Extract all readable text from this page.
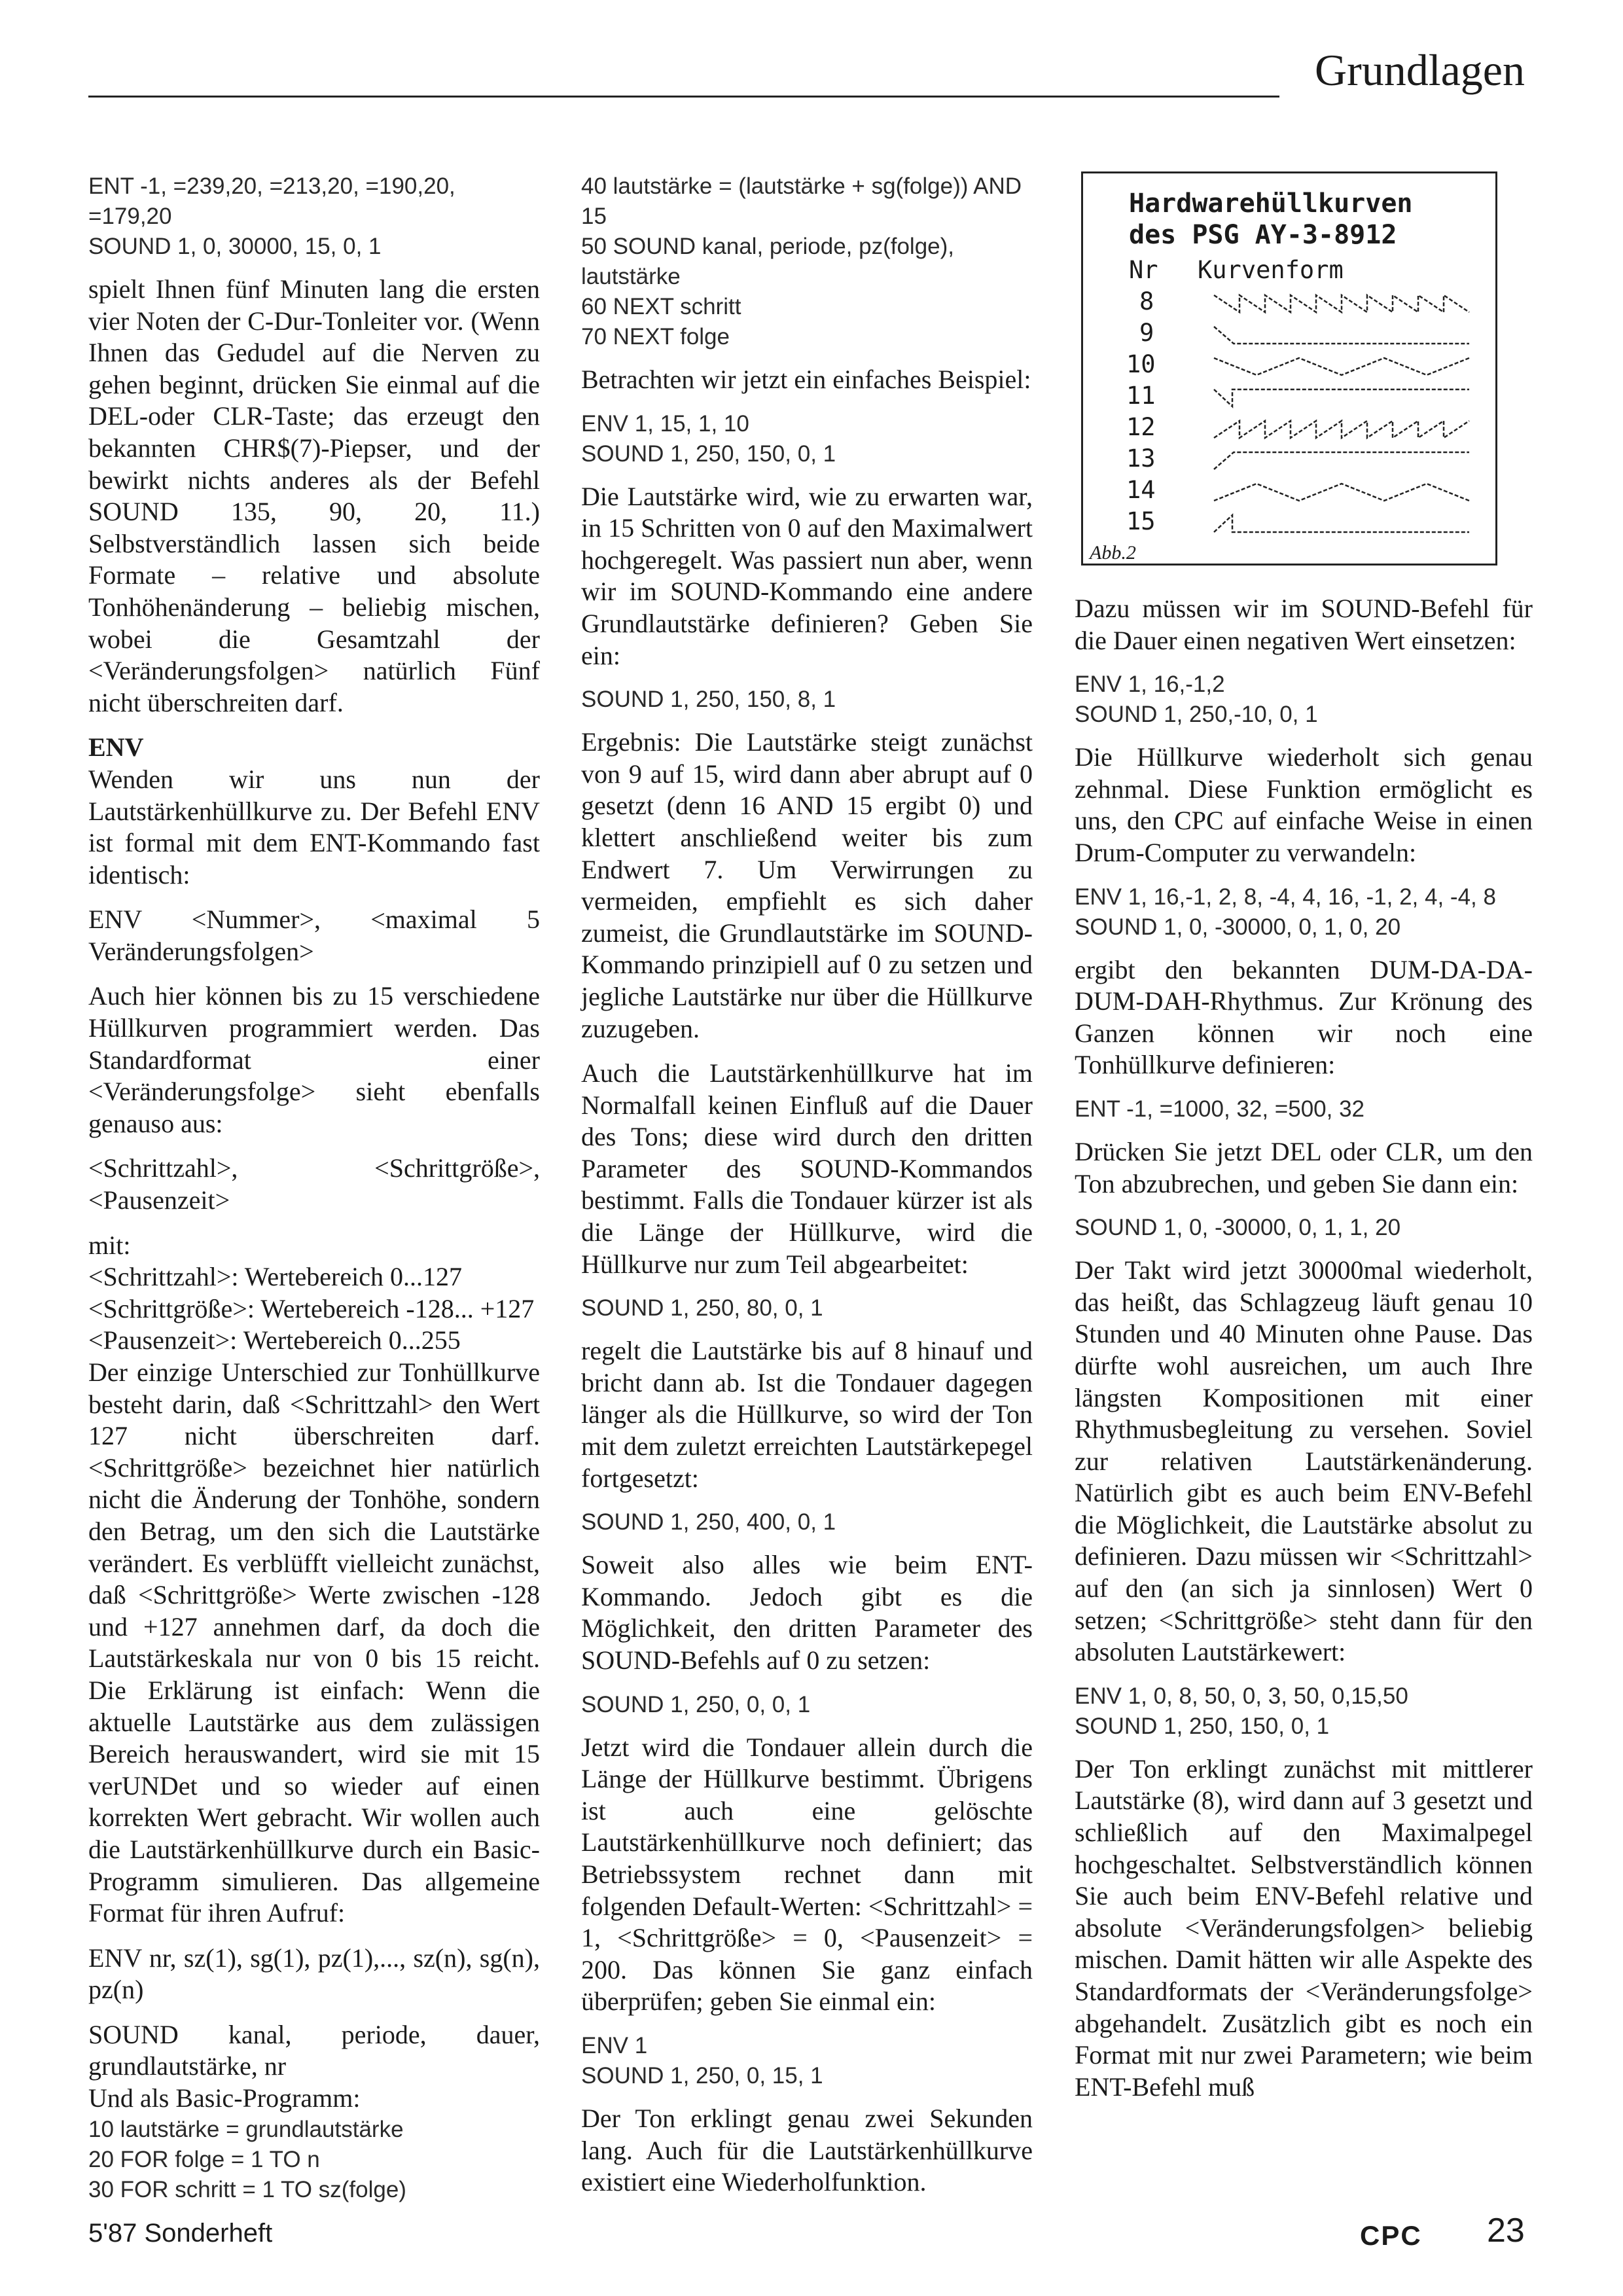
Grundlagen
ENT -1, =239,20, =213,20, =190,20, =179,20
SOUND 1, 0, 30000, 15, 0, 1

spielt Ihnen fünf Minuten lang die ersten vier Noten der C-Dur-Tonleiter vor. (Wenn Ihnen das Gedudel auf die Nerven zu gehen beginnt, drücken Sie einmal auf die DEL-oder CLR-Taste; das erzeugt den bekannten CHR$(7)-Piepser, und der bewirkt nichts anderes als der Befehl SOUND 135, 90, 20, 11.) Selbstverständlich lassen sich beide Formate – relative und absolute Tonhöhenänderung – beliebig mischen, wobei die Gesamtzahl der <Veränderungsfolgen> natürlich Fünf nicht überschreiten darf.

ENV

Wenden wir uns nun der Lautstärkenhüllkurve zu. Der Befehl ENV ist formal mit dem ENT-Kommando fast identisch:

ENV <Nummer>, <maximal 5 Veränderungsfolgen>

Auch hier können bis zu 15 verschiedene Hüllkurven programmiert werden. Das Standardformat einer <Veränderungsfolge> sieht ebenfalls genauso aus:

<Schrittzahl>, <Schrittgröße>, <Pausenzeit>

mit:
<Schrittzahl>: Wertebereich 0...127
<Schrittgröße>: Wertebereich -128... +127
<Pausenzeit>: Wertebereich 0...255

Der einzige Unterschied zur Tonhüllkurve besteht darin, daß <Schrittzahl> den Wert 127 nicht überschreiten darf. <Schrittgröße> bezeichnet hier natürlich nicht die Änderung der Tonhöhe, sondern den Betrag, um den sich die Lautstärke verändert. Es verblüfft vielleicht zunächst, daß <Schrittgröße> Werte zwischen -128 und +127 annehmen darf, da doch die Lautstärkeskala nur von 0 bis 15 reicht. Die Erklärung ist einfach: Wenn die aktuelle Lautstärke aus dem zulässigen Bereich herauswandert, wird sie mit 15 verUNDet und so wieder auf einen korrekten Wert gebracht. Wir wollen auch die Lautstärkenhüllkurve durch ein Basic-Programm simulieren. Das allgemeine Format für ihren Aufruf:

ENV nr, sz(1), sg(1), pz(1),..., sz(n), sg(n), pz(n)

SOUND kanal, periode, dauer, grundlautstärke, nr
Und als Basic-Programm:
10 lautstärke = grundlautstärke
20 FOR folge = 1 TO n
30 FOR schritt = 1 TO sz(folge)
40 lautstärke = (lautstärke + sg(folge)) AND 15
50 SOUND kanal, periode, pz(folge), lautstärke
60 NEXT schritt
70 NEXT folge

Betrachten wir jetzt ein einfaches Beispiel:

ENV 1, 15, 1, 10
SOUND 1, 250, 150, 0, 1

Die Lautstärke wird, wie zu erwarten war, in 15 Schritten von 0 auf den Maximalwert hochgeregelt. Was passiert nun aber, wenn wir im SOUND-Kommando eine andere Grundlautstärke definieren? Geben Sie ein:

SOUND 1, 250, 150, 8, 1

Ergebnis: Die Lautstärke steigt zunächst von 9 auf 15, wird dann aber abrupt auf 0 gesetzt (denn 16 AND 15 ergibt 0) und klettert anschließend weiter bis zum Endwert 7. Um Verwirrungen zu vermeiden, empfiehlt es sich daher zumeist, die Grundlautstärke im SOUND-Kommando prinzipiell auf 0 zu setzen und jegliche Lautstärke nur über die Hüllkurve zuzugeben.

Auch die Lautstärkenhüllkurve hat im Normalfall keinen Einfluß auf die Dauer des Tons; diese wird durch den dritten Parameter des SOUND-Kommandos bestimmt. Falls die Tondauer kürzer ist als die Länge der Hüllkurve, wird die Hüllkurve nur zum Teil abgearbeitet:

SOUND 1, 250, 80, 0, 1

regelt die Lautstärke bis auf 8 hinauf und bricht dann ab. Ist die Tondauer dagegen länger als die Hüllkurve, so wird der Ton mit dem zuletzt erreichten Lautstärkepegel fortgesetzt:

SOUND 1, 250, 400, 0, 1

Soweit also alles wie beim ENT-Kommando. Jedoch gibt es die Möglichkeit, den dritten Parameter des SOUND-Befehls auf 0 zu setzen:

SOUND 1, 250, 0, 0, 1

Jetzt wird die Tondauer allein durch die Länge der Hüllkurve bestimmt. Übrigens ist auch eine gelöschte Lautstärkenhüllkurve noch definiert; das Betriebssystem rechnet dann mit folgenden Default-Werten: <Schrittzahl> = 1, <Schrittgröße> = 0, <Pausenzeit> = 200. Das können Sie ganz einfach überprüfen; geben Sie einmal ein:

ENV 1
SOUND 1, 250, 0, 15, 1

Der Ton erklingt genau zwei Sekunden lang. Auch für die Lautstärkenhüllkurve existiert eine Wiederholfunktion.

Hardwarehüllkurven
des PSG AY-3-8912
Nr Kurvenform
8
9
10
11
12
13
14
15
Abb.2

Dazu müssen wir im SOUND-Befehl für die Dauer einen negativen Wert einsetzen:

ENV 1, 16,-1,2
SOUND 1, 250,-10, 0, 1

Die Hüllkurve wiederholt sich genau zehnmal. Diese Funktion ermöglicht es uns, den CPC auf einfache Weise in einen Drum-Computer zu verwandeln:

ENV 1, 16,-1, 2, 8, -4, 4, 16, -1, 2, 4, -4, 8
SOUND 1, 0, -30000, 0, 1, 0, 20

ergibt den bekannten DUM-DA-DA-DUM-DAH-Rhythmus. Zur Krönung des Ganzen können wir noch eine Tonhüllkurve definieren:

ENT -1, =1000, 32, =500, 32

Drücken Sie jetzt DEL oder CLR, um den Ton abzubrechen, und geben Sie dann ein:

SOUND 1, 0, -30000, 0, 1, 1, 20

Der Takt wird jetzt 30000mal wiederholt, das heißt, das Schlagzeug läuft genau 10 Stunden und 40 Minuten ohne Pause. Das dürfte wohl ausreichen, um auch Ihre längsten Kompositionen mit einer Rhythmusbegleitung zu versehen. Soviel zur relativen Lautstärkenänderung. Natürlich gibt es auch beim ENV-Befehl die Möglichkeit, die Lautstärke absolut zu definieren. Dazu müssen wir <Schrittzahl> auf den (an sich ja sinnlosen) Wert 0 setzen; <Schrittgröße> steht dann für den absoluten Lautstärkewert:

ENV 1, 0, 8, 50, 0, 3, 50, 0,15,50
SOUND 1, 250, 150, 0, 1

Der Ton erklingt zunächst mit mittlerer Lautstärke (8), wird dann auf 3 gesetzt und schließlich auf den Maximalpegel hochgeschaltet. Selbstverständlich können Sie auch beim ENV-Befehl relative und absolute <Veränderungsfolgen> beliebig mischen. Damit hätten wir alle Aspekte des Standardformats der <Veränderungsfolge> abgehandelt. Zusätzlich gibt es noch ein Format mit nur zwei Parametern; wie beim ENT-Befehl muß

5'87 Sonderheft	CPC 23
